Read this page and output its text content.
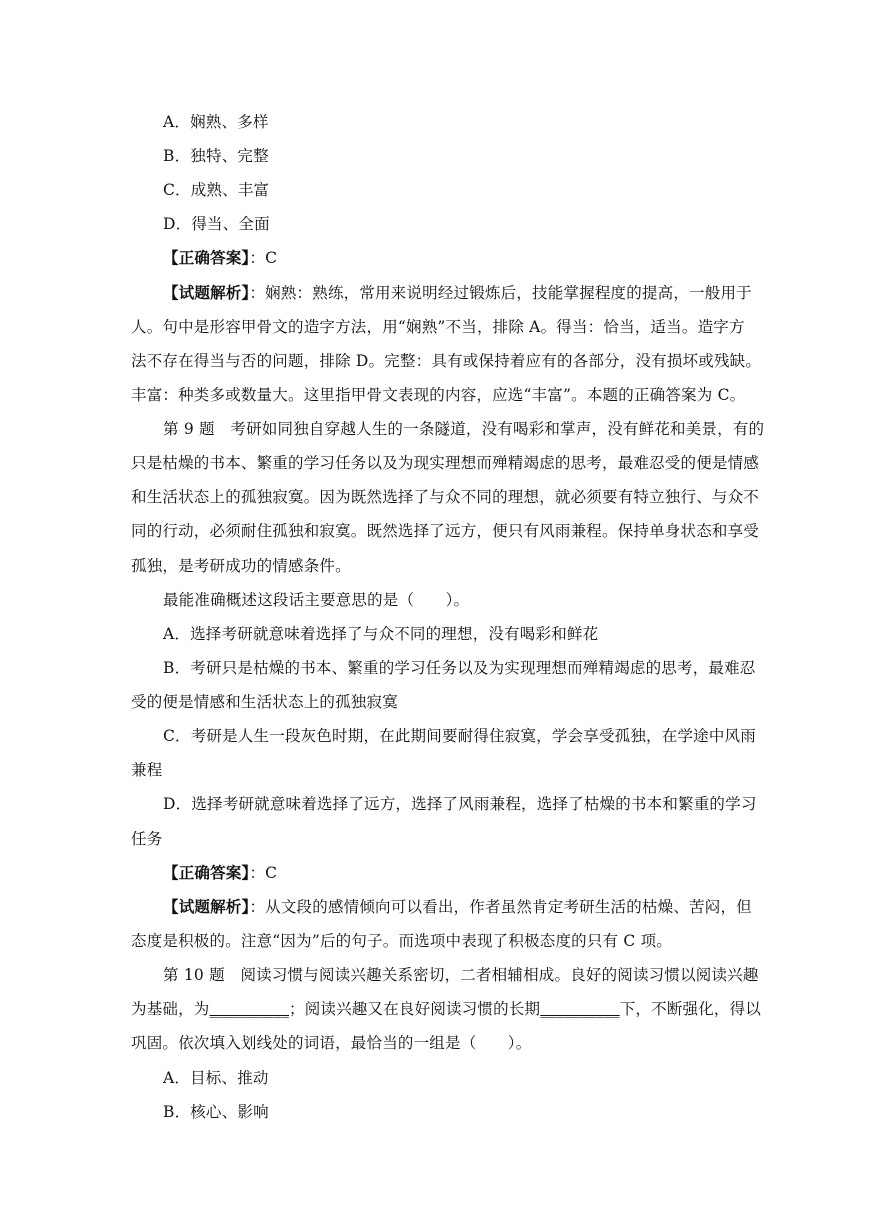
A．娴熟、多样
B．独特、完整
C．成熟、丰富
D．得当、全面
【正确答案】：C
【试题解析】：娴熟：熟练，常用来说明经过锻炼后，技能掌握程度的提高，一般用于
人。句中是形容甲骨文的造字方法，用“娴熟”不当，排除 A。得当：恰当，适当。造字方
法不存在得当与否的问题，排除 D。完整：具有或保持着应有的各部分，没有损坏或残缺。
丰富：种类多或数量大。这里指甲骨文表现的内容，应选“丰富”。本题的正确答案为 C。
第 9 题　考研如同独自穿越人生的一条隧道，没有喝彩和掌声，没有鲜花和美景，有的
只是枯燥的书本、繁重的学习任务以及为现实理想而殚精竭虑的思考，最难忍受的便是情感
和生活状态上的孤独寂寞。因为既然选择了与众不同的理想，就必须要有特立独行、与众不
同的行动，必须耐住孤独和寂寞。既然选择了远方，便只有风雨兼程。保持单身状态和享受
孤独，是考研成功的情感条件。
最能准确概述这段话主要意思的是（　　）。
A．选择考研就意味着选择了与众不同的理想，没有喝彩和鲜花
B．考研只是枯燥的书本、繁重的学习任务以及为实现理想而殚精竭虑的思考，最难忍
受的便是情感和生活状态上的孤独寂寞
C．考研是人生一段灰色时期，在此期间要耐得住寂寞，学会享受孤独，在学途中风雨
兼程
D．选择考研就意味着选择了远方，选择了风雨兼程，选择了枯燥的书本和繁重的学习
任务
【正确答案】：C
【试题解析】：从文段的感情倾向可以看出，作者虽然肯定考研生活的枯燥、苦闷，但
态度是积极的。注意“因为”后的句子。而选项中表现了积极态度的只有 C 项。
第 10 题　阅读习惯与阅读兴趣关系密切，二者相辅相成。良好的阅读习惯以阅读兴趣
为基础，为__________；阅读兴趣又在良好阅读习惯的长期__________下，不断强化，得以
巩固。依次填入划线处的词语，最恰当的一组是（　　）。
A．目标、推动
B．核心、影响
